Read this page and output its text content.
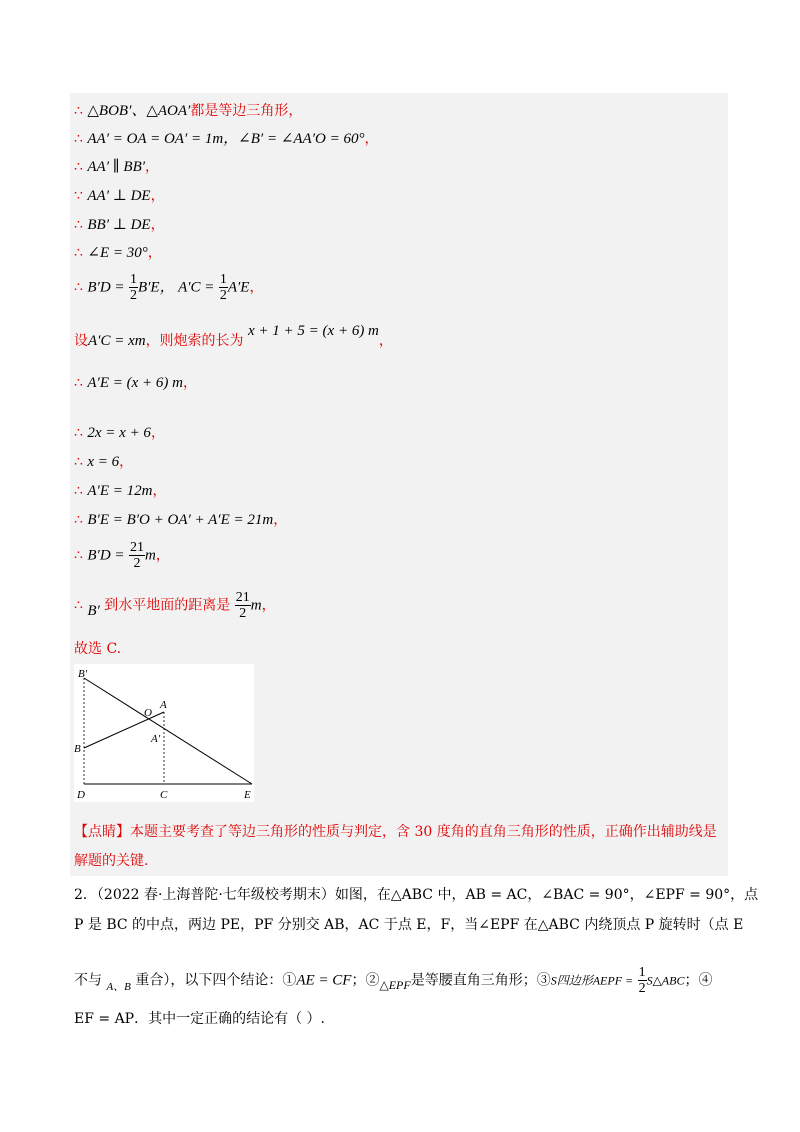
∴ △BOB′、△AOA′都是等边三角形，
∴ AA′ = OA = OA′ = 1m，∠B′ = ∠AA′O = 60°，
∴ AA′ ∥ BB′，
∵ AA′ ⊥ DE，
∴ BB′ ⊥ DE，
∴ ∠E = 30°，
∴ $B'D = \frac{1}{2} B'E$， $A'C = \frac{1}{2} A'E$，
设A′C = xm，则炮索的长为 x + 1 + 5 = (x + 6) m，
∴ A′E = (x + 6) m，
∴ 2x = x + 6，
∴ x = 6，
∴ A′E = 12m，
∴ B′E = B′O + OA′ + A′E = 21m，
∴ $B'D = \frac{21}{2}$ m，
∴ B′ 到水平地面的距离是 $\frac{21}{2}$ m，
故选 C.
B′
O
A
A′
B
D	C	E
【点睛】本题主要考查了等边三角形的性质与判定，含 30 度角的直角三角形的性质，正确作出辅助线是解题的关键.
2．（2022 春·上海普陀·七年级校考期末）如图，在△ABC 中，AB = AC，∠BAC = 90°，∠EPF = 90°，点
P 是 BC 的中点，两边 PE，PF 分别交 AB，AC 于点 E，F，当∠EPF 在△ABC 内绕顶点 P 旋转时（点 E
不与 $_{A、B}$ 重合），以下四个结论：①AE = CF；②△EPF是等腰直角三角形；③S四边形AEPF = $\frac{1}{2}$ S△ABC；④
EF = AP．其中一定正确的结论有（ ）.
